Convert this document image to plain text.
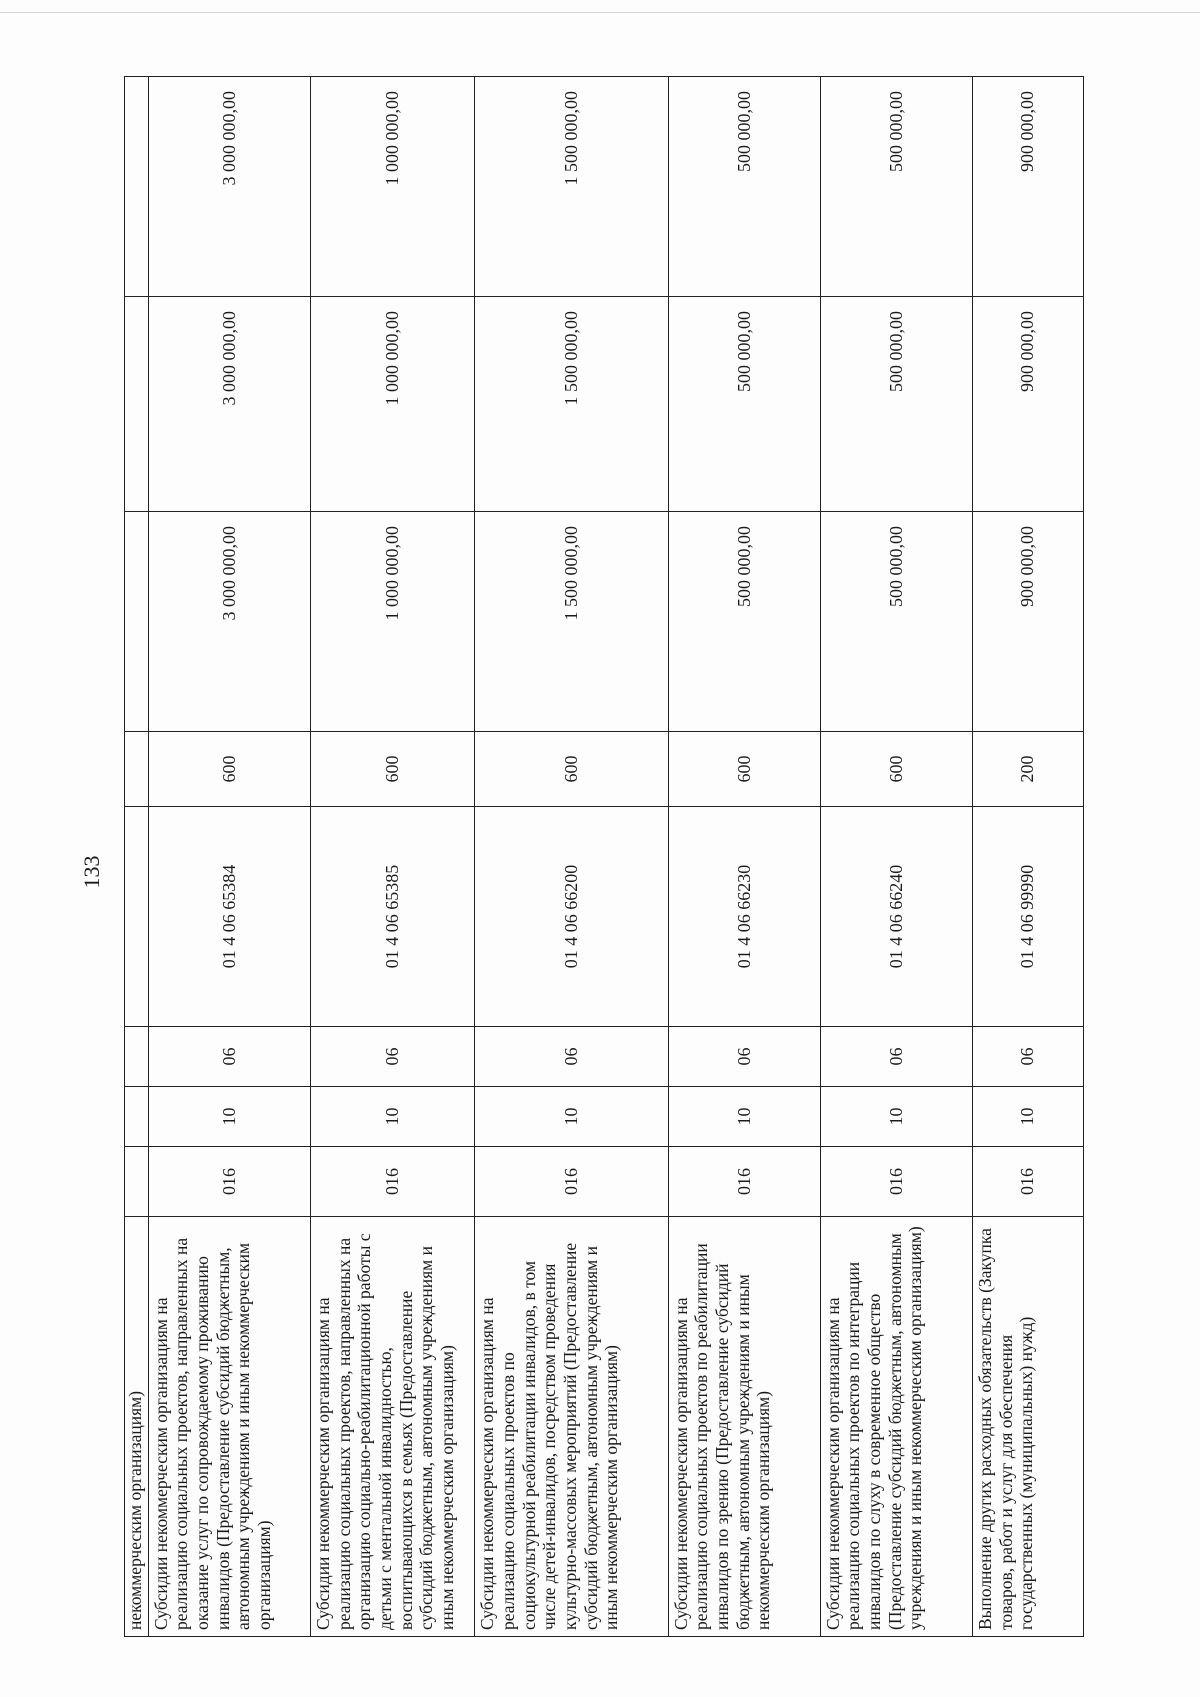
133
некоммерческим организациям)								
Субсидии некоммерческим организациям на реализацию социальных проектов, направленных на оказание услуг по сопровождаемому проживанию инвалидов (Предоставление субсидий бюджетным, автономным учреждениям и иным некоммерческим организациям)	016	10	06	01 4 06 65384	600	3 000 000,00	3 000 000,00	3 000 000,00
Субсидии некоммерческим организациям на реализацию социальных проектов, направленных на организацию социально-реабилитационной работы с детьми с ментальной инвалидностью, воспитывающихся в семьях (Предоставление субсидий бюджетным, автономным учреждениям и иным некоммерческим организациям)	016	10	06	01 4 06 65385	600	1 000 000,00	1 000 000,00	1 000 000,00
Субсидии некоммерческим организациям на реализацию социальных проектов по социокультурной реабилитации инвалидов, в том числе детей-инвалидов, посредством проведения культурно-массовых мероприятий (Предоставление субсидий бюджетным, автономным учреждениям и иным некоммерческим организациям)	016	10	06	01 4 06 66200	600	1 500 000,00	1 500 000,00	1 500 000,00
Субсидии некоммерческим организациям на реализацию социальных проектов по реабилитации инвалидов по зрению (Предоставление субсидий бюджетным, автономным учреждениям и иным некоммерческим организациям)	016	10	06	01 4 06 66230	600	500 000,00	500 000,00	500 000,00
Субсидии некоммерческим организациям на реализацию социальных проектов по интеграции инвалидов по слуху в современное общество (Предоставление субсидий бюджетным, автономным учреждениям и иным некоммерческим организациям)	016	10	06	01 4 06 66240	600	500 000,00	500 000,00	500 000,00
Выполнение других расходных обязательств (Закупка товаров, работ и услуг для обеспечения государственных (муниципальных) нужд)	016	10	06	01 4 06 99990	200	900 000,00	900 000,00	900 000,00
